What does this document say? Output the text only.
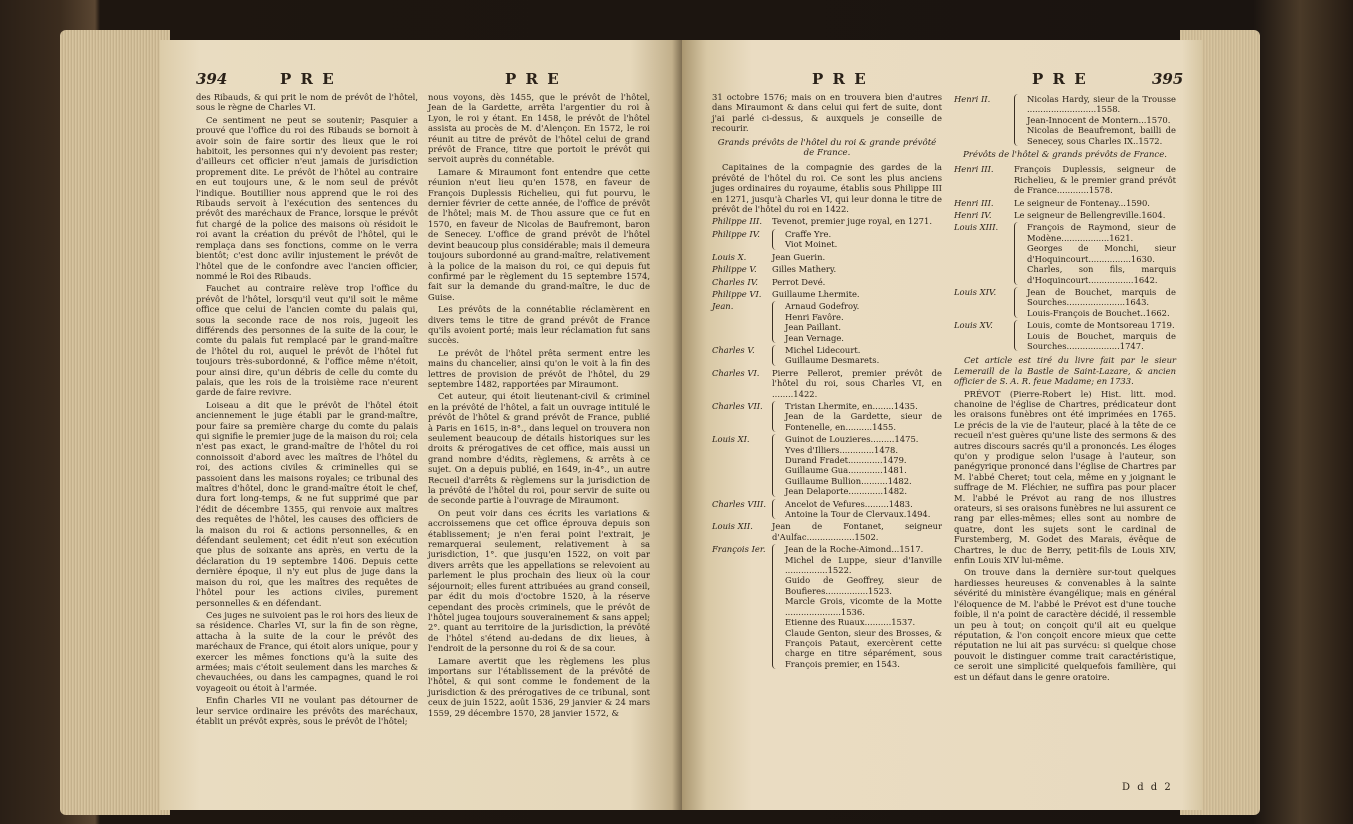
394	P R E	P R E

des Ribauds, & qui prit le nom de prévôt de l'hôtel, sous le règne de Charles VI.

Ce sentiment ne peut se soutenir; Pasquier a prouvé que l'office du roi des Ribauds se bornoit à avoir soin de faire sortir des lieux que le roi habitoit, les personnes qui n'y devoient pas rester; d'ailleurs cet officier n'eut jamais de jurisdiction proprement dite. Le prévôt de l'hôtel au contraire en eut toujours une, & le nom seul de prévôt l'indique. Boutillier nous apprend que le roi des Ribauds servoit à l'exécution des sentences du prévôt des maréchaux de France, lorsque le prévôt fut chargé de la police des maisons où résidoit le roi avant la création du prévôt de l'hôtel, qui le remplaça dans ses fonctions, comme on le verra bientôt; c'est donc avilir injustement le prévôt de l'hôtel que de le confondre avec l'ancien officier, nommé le Roi des Ribauds.

Fauchet au contraire relève trop l'office du prévôt de l'hôtel, lorsqu'il veut qu'il soit le même office que celui de l'ancien comte du palais qui, sous la seconde race de nos rois, jugeoit les différends des personnes de la suite de la cour, le comte du palais fut remplacé par le grand-maître de l'hôtel du roi, auquel le prévôt de l'hôtel fut toujours très-subordonné, & l'office même n'étoit, pour ainsi dire, qu'un débris de celle du comte du palais, que les rois de la troisième race n'eurent garde de faire revivre.

Loiseau a dit que le prévôt de l'hôtel étoit anciennement le juge établi par le grand-maître, pour faire sa première charge du comte du palais qui signifie le premier juge de la maison du roi; cela n'est pas exact, le grand-maître de l'hôtel du roi connoissoit d'abord avec les maîtres de l'hôtel du roi, des actions civiles & criminelles qui se passoient dans les maisons royales; ce tribunal des maîtres d'hôtel, donc le grand-maître étoit le chef, dura fort long-temps, & ne fut supprimé que par l'édit de décembre 1355, qui renvoie aux maîtres des requêtes de l'hôtel, les causes des officiers de la maison du roi & actions personnelles, & en défendant seulement; cet édit n'eut son exécution que plus de soixante ans après, en vertu de la déclaration du 19 septembre 1406. Depuis cette dernière époque, il n'y eut plus de juge dans la maison du roi, que les maîtres des requêtes de l'hôtel pour les actions civiles, purement personnelles & en défendant.

Ces juges ne suivoient pas le roi hors des lieux de sa résidence. Charles VI, sur la fin de son règne, attacha à la suite de la cour le prévôt des maréchaux de France, qui étoit alors unique, pour y exercer les mêmes fonctions qu'à la suite des armées; mais c'étoit seulement dans les marches & chevauchées, ou dans les campagnes, quand le roi voyageoit ou étoit à l'armée.

Enfin Charles VII ne voulant pas détourner de leur service ordinaire les prévôts des maréchaux, établit un prévôt exprès, sous le prévôt de l'hôtel;

nous voyons, dès 1455, que le prévôt de l'hôtel, Jean de la Gardette, arrêta l'argentier du roi à Lyon, le roi y étant. En 1458, le prévôt de l'hôtel assista au procès de M. d'Alençon. En 1572, le roi réunit au titre de prévôt de l'hôtel celui de grand prévôt de France, titre que portoit le prévôt qui servoit auprès du connétable.

Lamare & Miraumont font entendre que cette réunion n'eut lieu qu'en 1578, en faveur de François Duplessis Richelieu, qui fut pourvu, le dernier février de cette année, de l'office de prévôt de l'hôtel; mais M. de Thou assure que ce fut en 1570, en faveur de Nicolas de Baufremont, baron de Senecey. L'office de grand prévôt de l'hôtel devint beaucoup plus considérable; mais il demeura toujours subordonné au grand-maître, relativement à la police de la maison du roi, ce qui depuis fut confirmé par le règlement du 15 septembre 1574, fait sur la demande du grand-maître, le duc de Guise.

Les prévôts de la connétablie réclamèrent en divers tems le titre de grand prévôt de France qu'ils avoient porté; mais leur réclamation fut sans succès.

Le prévôt de l'hôtel prêta serment entre les mains du chancelier, ainsi qu'on le voit à la fin des lettres de provision de prévôt de l'hôtel, du 29 septembre 1482, rapportées par Miraumont.

Cet auteur, qui étoit lieutenant-civil & criminel en la prévôté de l'hôtel, a fait un ouvrage intitulé le prévôt de l'hôtel & grand prévôt de France, publié à Paris en 1615, in-8°., dans lequel on trouvera non seulement beaucoup de détails historiques sur les droits & prérogatives de cet office, mais aussi un grand nombre d'édits, règlemens, & arrêts à ce sujet. On a depuis publié, en 1649, in-4°., un autre Recueil d'arrêts & règlemens sur la jurisdiction de la prévôté de l'hôtel du roi, pour servir de suite ou de seconde partie à l'ouvrage de Miraumont.

On peut voir dans ces écrits les variations & accroissemens que cet office éprouva depuis son établissement; je n'en ferai point l'extrait, je remarquerai seulement, relativement à sa jurisdiction, 1°. que jusqu'en 1522, on voit par divers arrêts que les appellations se relevoient au parlement le plus prochain des lieux où la cour séjournoit; elles furent attribuées au grand conseil, par édit du mois d'octobre 1520, à la réserve cependant des procès criminels, que le prévôt de l'hôtel jugea toujours souverainement & sans appel; 2°. quant au territoire de la jurisdiction, la prévôté de l'hôtel s'étend au-dedans de dix lieues, à l'endroit de la personne du roi & de sa cour.

Lamare avertit que les règlemens les plus importans sur l'établissement de la prévôté de l'hôtel, & qui sont comme le fondement de la jurisdiction & des prérogatives de ce tribunal, sont ceux de juin 1522, août 1536, 29 janvier & 24 mars 1559, 29 décembre 1570, 28 janvier 1572, &

P R E	P R E	395

31 octobre 1576; mais on en trouvera bien d'autres dans Miraumont & dans celui qui fert de suite, dont j'ai parlé ci-dessus, & auxquels je conseille de recourir.

Grands prévôts de l'hôtel du roi & grande prévôté de France.

Capitaines de la compagnie des gardes de la prévôté de l'hôtel du roi. Ce sont les plus anciens juges ordinaires du royaume, établis sous Philippe III en 1271, jusqu'à Charles VI, qui leur donna le titre de prévôt de l'hôtel du roi en 1422.

Philippe III.	Tevenot, premier juge royal, en 1271.
Philippe IV.	Craffe Yre.
Viot Moinet.
Louis X.	Jean Guerin.
Philippe V.	Gilles Mathery.
Charles IV.	Perrot Devé.
Philippe VI.	Guillaume Lhermite.
Jean.	Arnaud Godefroy.
Henri Favôre.
Jean Paillant.
Jean Vernage.
Charles V.	Michel Lidecourt.
Guillaume Desmarets.
Charles VI.	Pierre Pellerot, premier prévôt de l'hôtel du roi, sous Charles VI, en ........1422.
Charles VII.	Tristan Lhermite, en........1435.
Jean de la Gardette, sieur de Fontenelle, en..........1455.
Louis XI.	Guinot de Louzieres.........1475.
Yves d'Illiers.............1478.
Durand Fradet.............1479.
Guillaume Gua.............1481.
Guillaume Bullion..........1482.
Jean Delaporte.............1482.
Charles VIII.	Ancelot de Vefures.........1483.
Antoine la Tour de Clervaux.1494.
Louis XII.	Jean de Fontanet, seigneur d'Aulfac..................1502.
François Ier.	Jean de la Roche-Aimond...1517.
Michel de Luppe, sieur d'Ianville ................1522.
Guido de Geoffrey, sieur de Boufieres................1523.
Marcle Grois, vicomte de la Motte .....................1536.
Etienne des Ruaux..........1537.
Claude Genton, sieur des Brosses, & François Pataut, exercèrent cette charge en titre séparément, sous François premier, en 1543.
Henri II.	Nicolas Hardy, sieur de la Trousse ..........................1558.
Jean-Innocent de Montern...1570.
Nicolas de Beaufremont, bailli de Senecey, sous Charles IX..1572.
Prévôts de l'hôtel & grands prévôts de France.
Henri III.	François Duplessis, seigneur de Richelieu, & le premier grand prévôt de France............1578.
Henri III.	Le seigneur de Fontenay...1590.
Henri IV.	Le seigneur de Bellengreville.1604.
Louis XIII.	François de Raymond, sieur de Modène..................1621.
Georges de Monchi, sieur d'Hoquincourt................1630.
Charles, son fils, marquis d'Hoquincourt.................1642.
Louis XIV.	Jean de Bouchet, marquis de Sourches......................1643.
Louis-François de Bouchet..1662.
Louis XV.	Louis, comte de Montsoreau 1719.
Louis de Bouchet, marquis de Sourches....................1747.

Cet article est tiré du livre fait par le sieur Lemeraill de la Bastle de Saint-Lazare, & ancien officier de S. A. R. feue Madame; en 1733.

PRÉVOT (Pierre-Robert le) Hist. litt. mod. chanoine de l'église de Chartres, prédicateur dont les oraisons funèbres ont été imprimées en 1765. Le précis de la vie de l'auteur, placé à la tête de ce recueil n'est guères qu'une liste des sermons & des autres discours sacrés qu'il a prononcés. Les éloges qu'on y prodigue selon l'usage à l'auteur, son panégyrique prononcé dans l'église de Chartres par M. l'abbé Cheret; tout cela, même en y joignant le suffrage de M. Fléchier, ne suffira pas pour placer M. l'abbé le Prévot au rang de nos illustres orateurs, si ses oraisons funèbres ne lui assurent ce rang par elles-mêmes; elles sont au nombre de quatre, dont les sujets sont le cardinal de Furstemberg, M. Godet des Marais, évêque de Chartres, le duc de Berry, petit-fils de Louis XIV, enfin Louis XIV lui-même.

On trouve dans la dernière sur-tout quelques hardiesses heureuses & convenables à la sainte sévérité du ministère évangélique; mais en général l'éloquence de M. l'abbé le Prévot est d'une touche foible, il n'a point de caractère décidé, il ressemble un peu à tout; on conçoit qu'il ait eu quelque réputation, & l'on conçoit encore mieux que cette réputation ne lui ait pas survécu: si quelque chose pouvoit le distinguer comme trait caractéristique, ce seroit une simplicité quelquefois familière, qui est un défaut dans le genre oratoire.

D d d 2
